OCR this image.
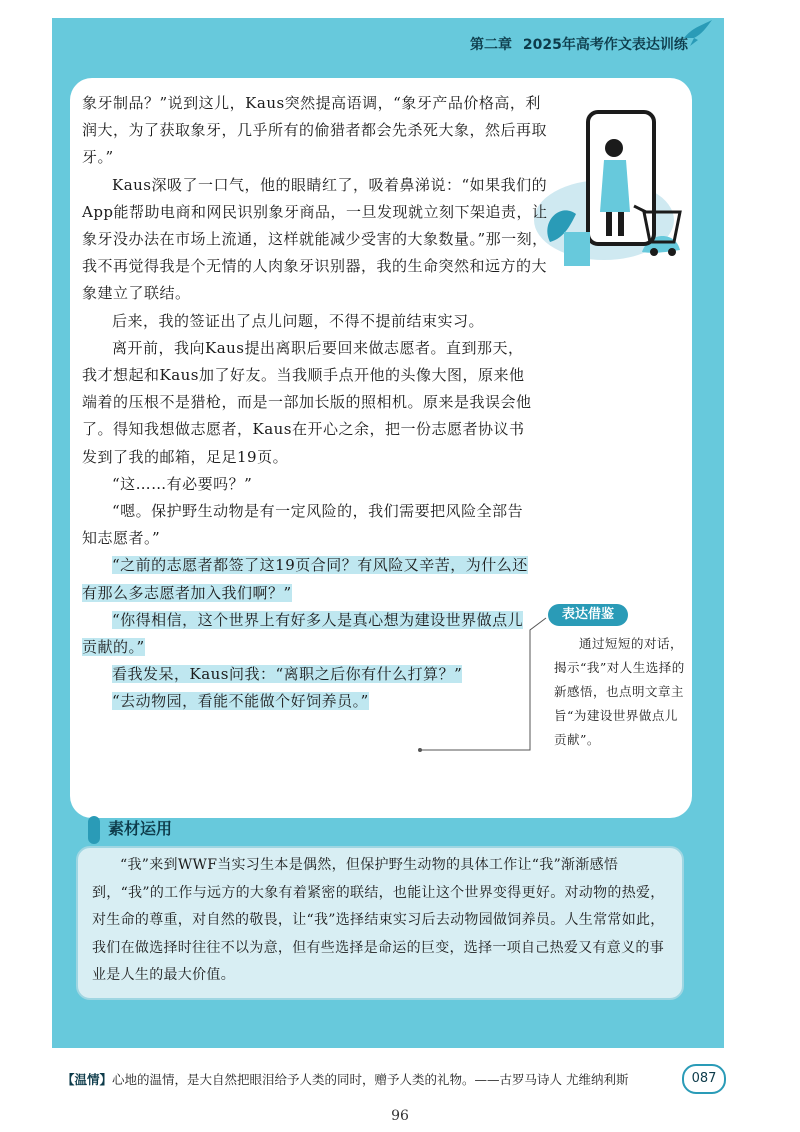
第二章 2025年高考作文表达训练

象牙制品？”说到这儿，Kaus突然提高语调，“象牙产品价格高，利润大，为了获取象牙，几乎所有的偷猎者都会先杀死大象，然后再取牙。”

Kaus深吸了一口气，他的眼睛红了，吸着鼻涕说：“如果我们的App能帮助电商和网民识别象牙商品，一旦发现就立刻下架追责，让象牙没办法在市场上流通，这样就能减少受害的大象数量。”那一刻，我不再觉得我是个无情的人肉象牙识别器，我的生命突然和远方的大象建立了联结。

后来，我的签证出了点儿问题，不得不提前结束实习。

离开前，我向Kaus提出离职后要回来做志愿者。直到那天，我才想起和Kaus加了好友。当我顺手点开他的头像大图，原来他端着的压根不是猎枪，而是一部加长版的照相机。原来是我误会他了。得知我想做志愿者，Kaus在开心之余，把一份志愿者协议书发到了我的邮箱，足足19页。

“这……有必要吗？”

“嗯。保护野生动物是有一定风险的，我们需要把风险全部告知志愿者。”

“之前的志愿者都签了这19页合同？有风险又辛苦，为什么还有那么多志愿者加入我们啊？”

“你得相信，这个世界上有好多人是真心想为建设世界做点儿贡献的。”

看我发呆，Kaus问我：“离职之后你有什么打算？”

“去动物园，看能不能做个好饲养员。”

表达借鉴
通过短短的对话，揭示“我”对人生选择的新感悟，也点明文章主旨“为建设世界做点儿贡献”。
素材运用
“我”来到WWF当实习生本是偶然，但保护野生动物的具体工作让“我”渐渐感悟到，“我”的工作与远方的大象有着紧密的联结，也能让这个世界变得更好。对动物的热爱，对生命的尊重，对自然的敬畏，让“我”选择结束实习后去动物园做饲养员。人生常常如此，我们在做选择时往往不以为意，但有些选择是命运的巨变，选择一项自己热爱又有意义的事业是人生的最大价值。
【温情】心地的温情，是大自然把眼泪给予人类的同时，赠予人类的礼物。——古罗马诗人 尤维纳利斯	087
96
